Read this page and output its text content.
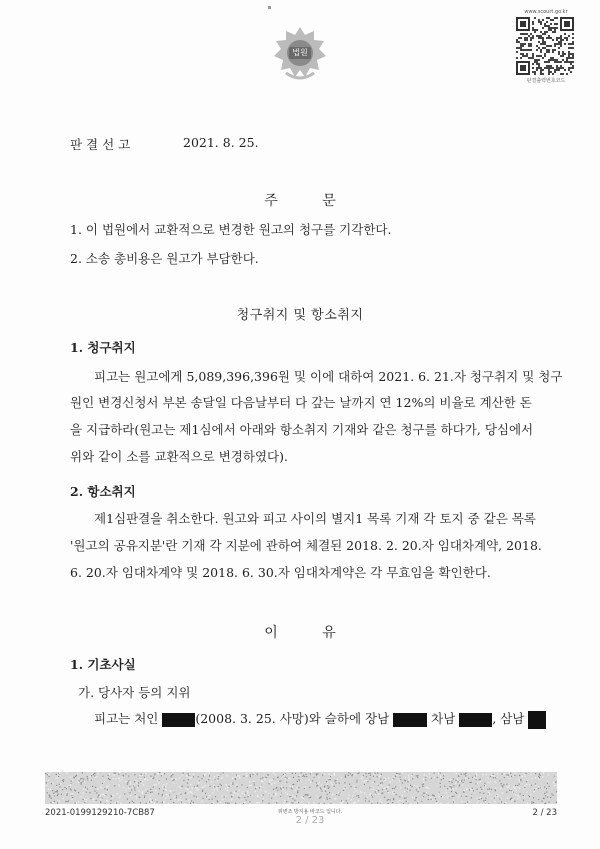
법원
www.scourt.go.kr
판결출력번호코드
판 결 선 고	2021. 8. 25.
주          문
1. 이 법원에서 교환적으로 변경한 원고의 청구를 기각한다.
2. 소송 총비용은 원고가 부담한다.
청구취지 및 항소취지
1. 청구취지
피고는 원고에게 5,089,396,396원 및 이에 대하여 2021. 6. 21.자 청구취지 및 청구
원인 변경신청서 부본 송달일 다음날부터 다 갚는 날까지 연 12%의 비율로 계산한 돈
을 지급하라(원고는 제1심에서 아래와 항소취지 기재와 같은 청구를 하다가, 당심에서
위와 같이 소를 교환적으로 변경하였다).
2. 항소취지
제1심판결을 취소한다. 원고와 피고 사이의 별지1 목록 기재 각 토지 중 같은 목록
'원고의 공유지분'란 기재 각 지분에 관하여 체결된 2018. 2. 20.자 임대차계약, 2018.
6. 20.자 임대차계약 및 2018. 6. 30.자 임대차계약은 각 무효임을 확인한다.
이          유
1. 기초사실
가. 당사자 등의 지위
피고는 처인	(2008. 3. 25. 사망)와 슬하에 장남	차남	, 삼남
2021-0199129210-7CB87	위변조 방지용 바코드 입니다.
2 / 23
2 / 23
